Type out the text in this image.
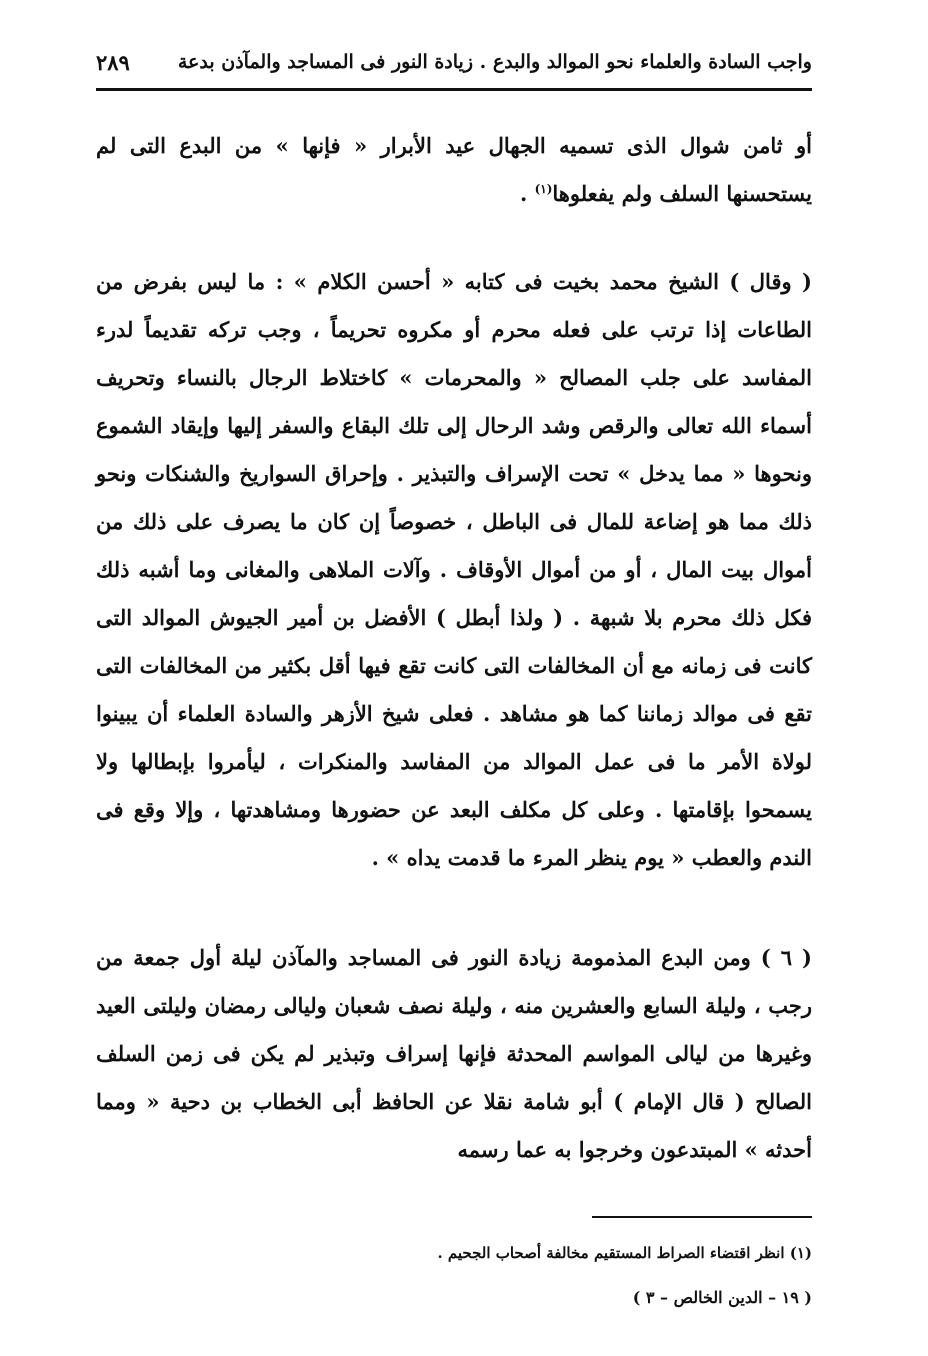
واجب السادة والعلماء نحو الموالد والبدع . زيادة النور فى المساجد والمآذن بدعة
٢٨٩

أو ثامن شوال الذى تسميه الجهال عيد الأبرار « فإنها » من البدع التى لم يستحسنها السلف ولم يفعلوها$^{(١)}$ .

( وقال ) الشيخ محمد بخيت فى كتابه « أحسن الكلام » : ما ليس بفرض من الطاعات إذا ترتب على فعله محرم أو مكروه تحريماً ، وجب تركه تقديماً لدرء المفاسد على جلب المصالح « والمحرمات » كاختلاط الرجال بالنساء وتحريف أسماء الله تعالى والرقص وشد الرحال إلى تلك البقاع والسفر إليها وإيقاد الشموع ونحوها « مما يدخل » تحت الإسراف والتبذير . وإحراق السواريخ والشنكات ونحو ذلك مما هو إضاعة للمال فى الباطل ، خصوصاً إن كان ما يصرف على ذلك من أموال بيت المال ، أو من أموال الأوقاف . وآلات الملاهى والمغانى وما أشبه ذلك فكل ذلك محرم بلا شبهة . ( ولذا أبطل ) الأفضل بن أمير الجيوش الموالد التى كانت فى زمانه مع أن المخالفات التى كانت تقع فيها أقل بكثير من المخالفات التى تقع فى موالد زماننا كما هو مشاهد . فعلى شيخ الأزهر والسادة العلماء أن يبينوا لولاة الأمر ما فى عمل الموالد من المفاسد والمنكرات ، ليأمروا بإبطالها ولا يسمحوا بإقامتها . وعلى كل مكلف البعد عن حضورها ومشاهدتها ، وإلا وقع فى الندم والعطب « يوم ينظر المرء ما قدمت يداه » .

( ٦ ) ومن البدع المذمومة زيادة النور فى المساجد والمآذن ليلة أول جمعة من رجب ، وليلة السابع والعشرين منه ، وليلة نصف شعبان وليالى رمضان وليلتى العيد وغيرها من ليالى المواسم المحدثة فإنها إسراف وتبذير لم يكن فى زمن السلف الصالح ( قال الإمام ) أبو شامة نقلا عن الحافظ أبى الخطاب بن دحية « ومما أحدثه » المبتدعون وخرجوا به عما رسمه

(١) انظر اقتضاء الصراط المستقيم مخالفة أصحاب الجحيم .
( ١٩ – الدين الخالص – ٣ )
